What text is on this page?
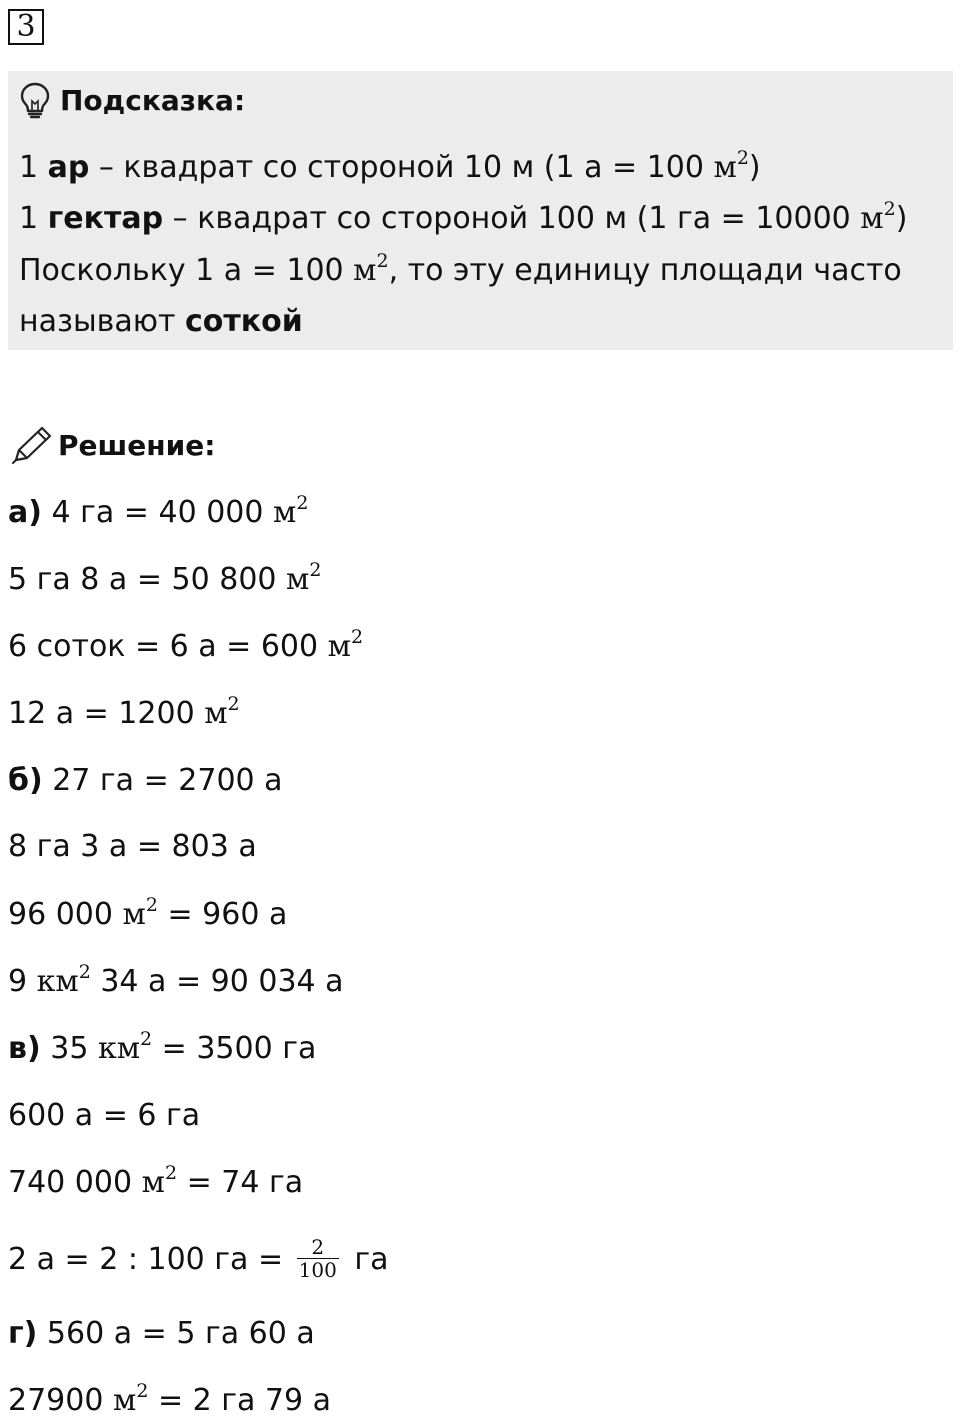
3
Подсказка:
1 ар – квадрат со стороной 10 м (1 а = 100 $м^2$)
1 гектар – квадрат со стороной 100 м (1 га = 10000 $м^2$)
Поскольку 1 а = 100 $м^2$, то эту единицу площади часто
называют соткой
Решение:
а) 4 га = 40 000 $м^2$
5 га 8 а = 50 800 $м^2$
6 соток = 6 а = 600 $м^2$
12 а = 1200 $м^2$
б) 27 га = 2700 а
8 га 3 а = 803 а
96 000 $м^2 = 960$ а
9 $км^2$ 34 а = 90 034 а
в) 35 $км^2 = 3500$ га
600 а = 6 га
740 000 $м^2 = 74$ га
2 а = 2 : 100 га = $\frac{2}{100}$ га
г) 560 а = 5 га 60 а
27900 $м^2 = 2$ га 79 а
